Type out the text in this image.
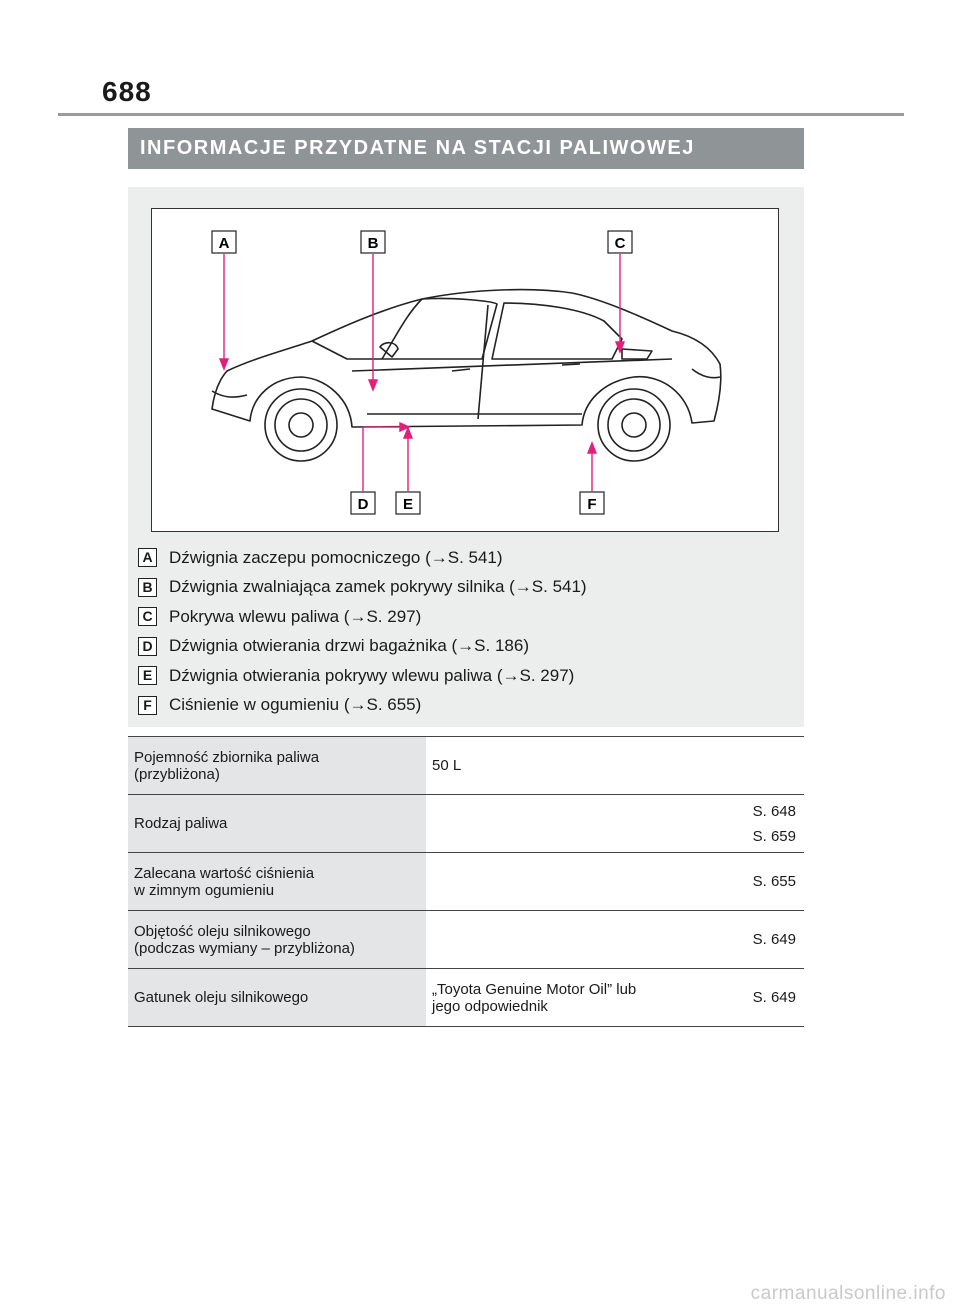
688
INFORMACJE PRZYDATNE NA STACJI PALIWOWEJ
A	B	C
D E	F
A Dźwignia zaczepu pomocniczego (→S. 541)
B Dźwignia zwalniająca zamek pokrywy silnika (→S. 541)
C Pokrywa wlewu paliwa (→S. 297)
D Dźwignia otwierania drzwi bagażnika (→S. 186)
E Dźwignia otwierania pokrywy wlewu paliwa (→S. 297)
F	Ciśnienie w ogumieniu (→S. 655)
Pojemność zbiornika paliwa
(przybliżona)	50 L
Rodzaj paliwa
S. 648
S. 659
Zalecana wartość ciśnienia
w zimnym ogumieniu	S. 655
Objętość oleju silnikowego
(podczas wymiany – przybliżona)	S. 649
Gatunek oleju silnikowego	„Toyota Genuine Motor Oil” lub
jego odpowiednik	S. 649
carmanualsonline.info
